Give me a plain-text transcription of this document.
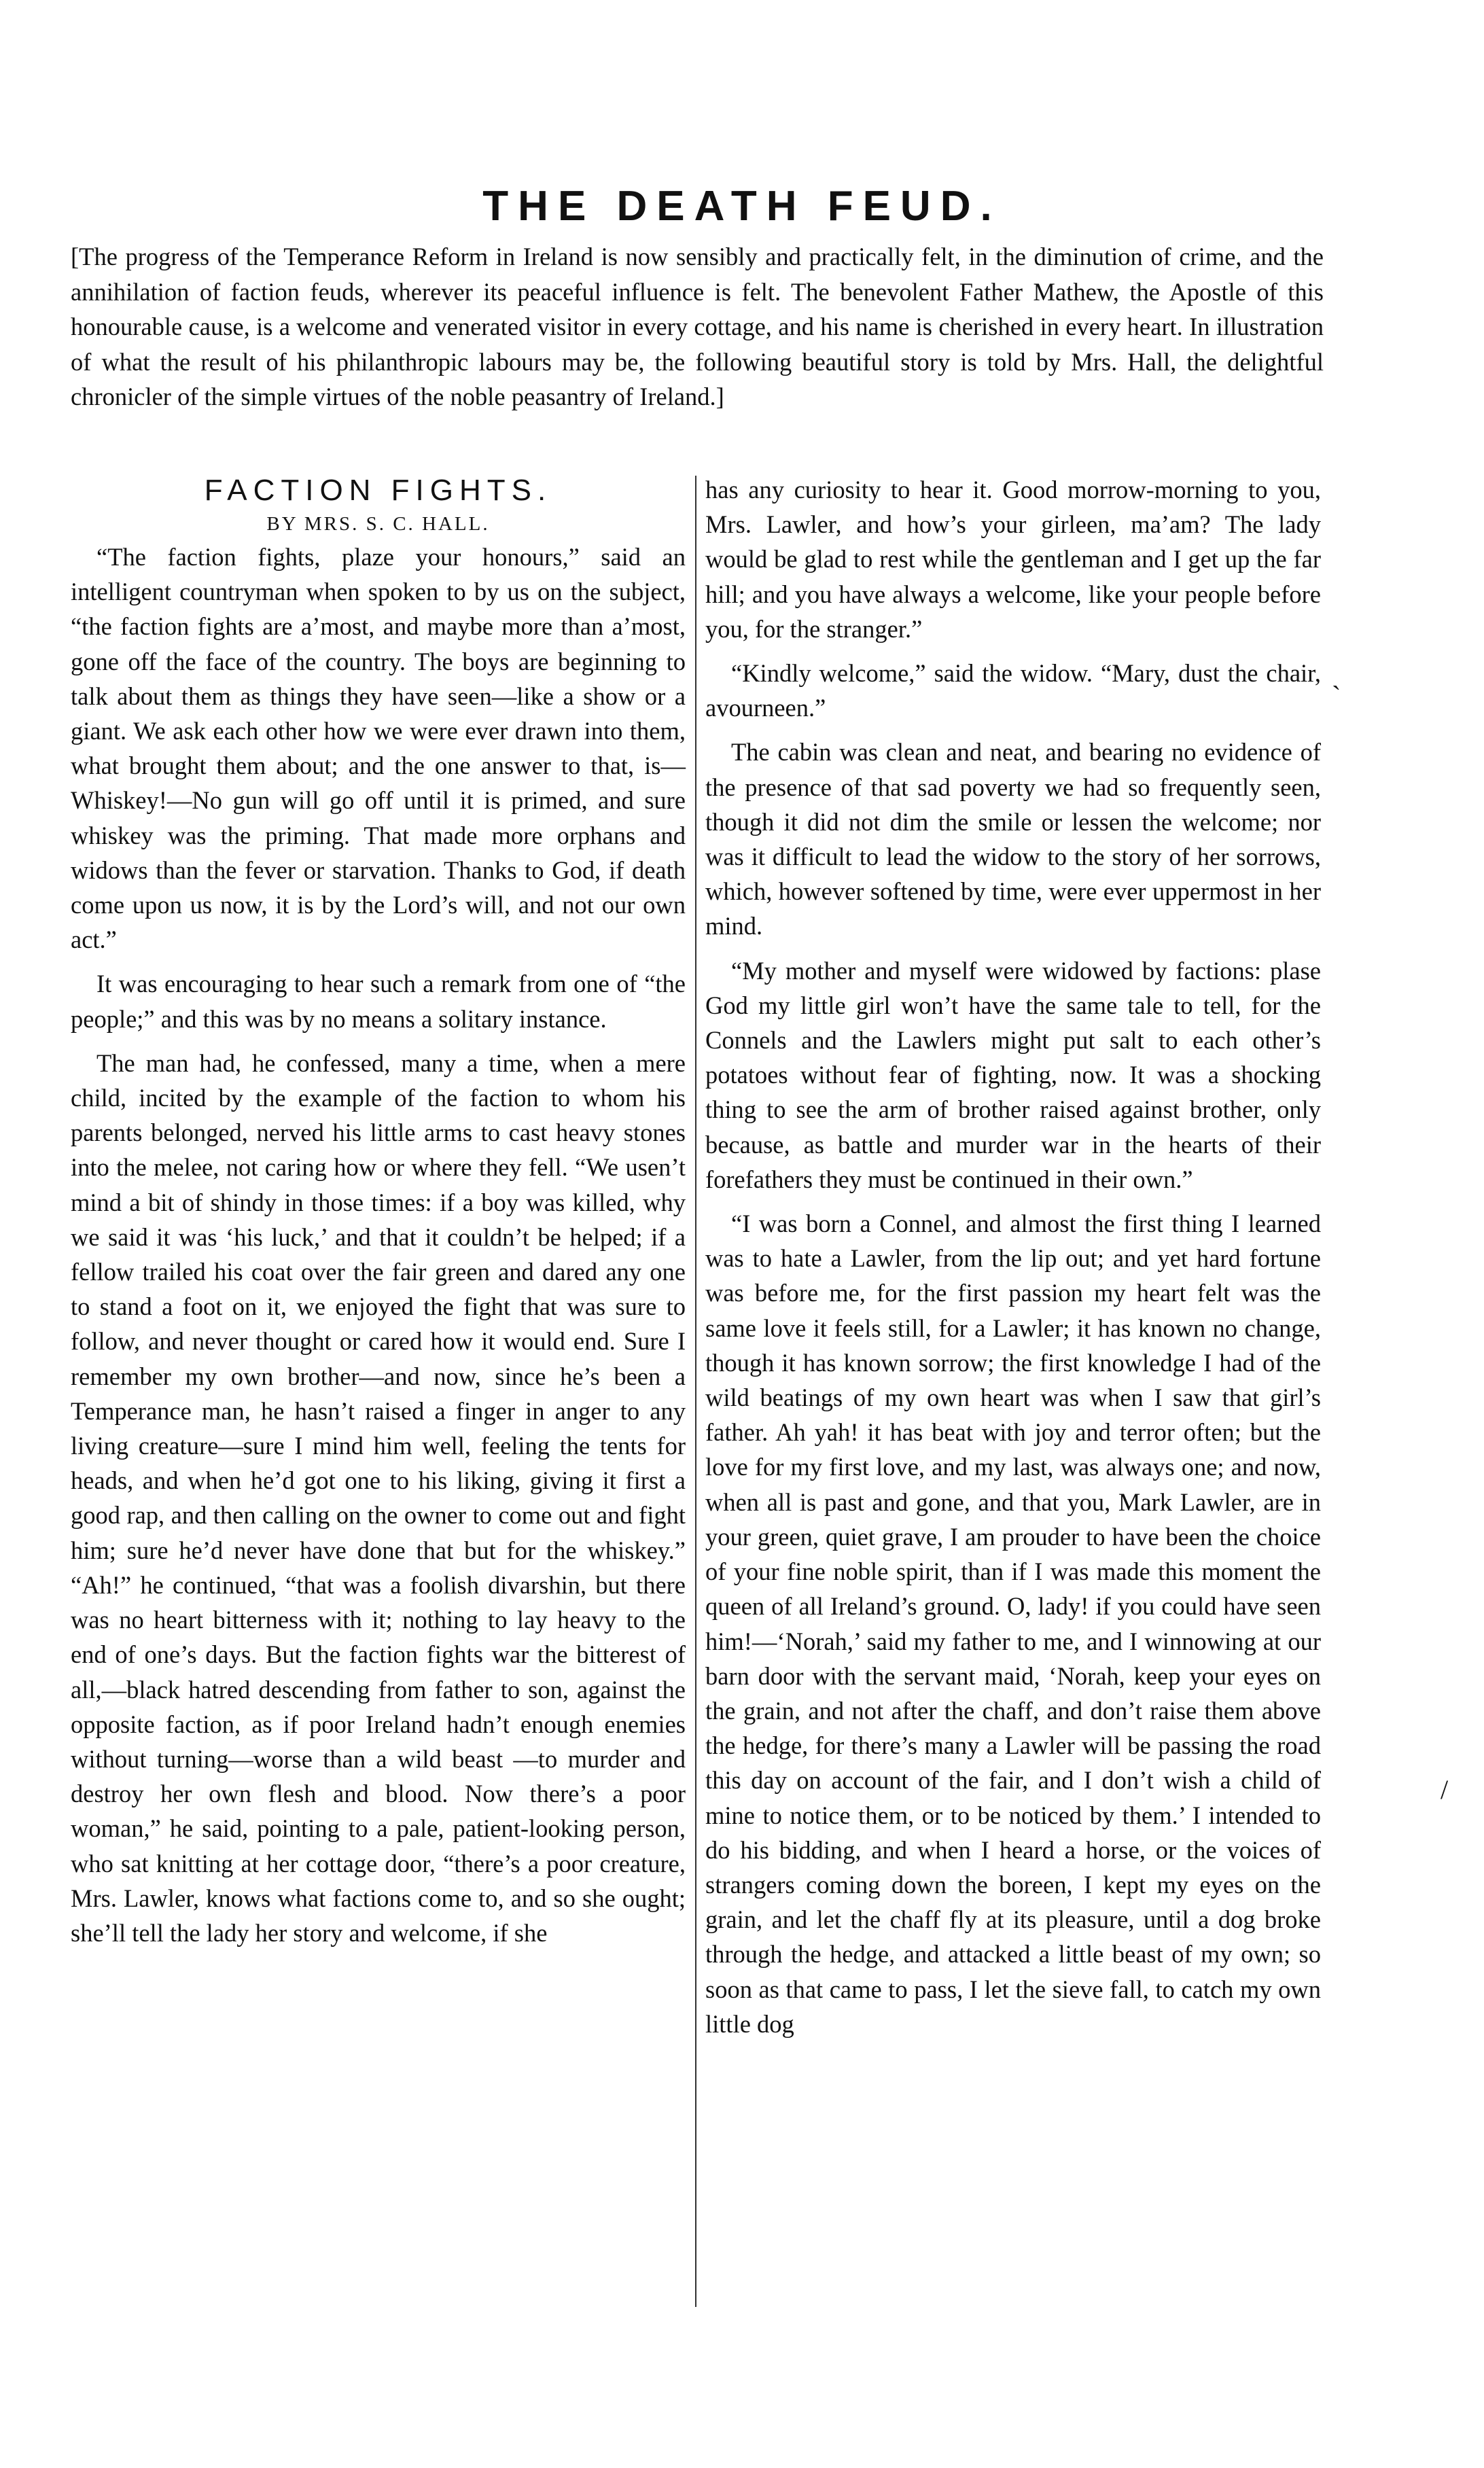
THE DEATH FEUD.

[The progress of the Temperance Reform in Ireland is now sensibly and practically felt, in the diminution of crime, and the annihilation of faction feuds, wherever its peaceful influence is felt. The benevolent Father Mathew, the Apostle of this honourable cause, is a welcome and venerated visitor in every cottage, and his name is cherished in every heart. In illustration of what the result of his philanthropic labours may be, the following beautiful story is told by Mrs. Hall, the delightful chronicler of the simple virtues of the noble peasantry of Ireland.]

FACTION FIGHTS.
BY MRS. S. C. HALL.

“The faction fights, plaze your honours,” said an intelligent countryman when spoken to by us on the subject, “the faction fights are a’most, and maybe more than a’most, gone off the face of the country. The boys are beginning to talk about them as things they have seen—like a show or a giant. We ask each other how we were ever drawn into them, what brought them about; and the one answer to that, is—Whiskey!—No gun will go off until it is primed, and sure whiskey was the priming. That made more orphans and widows than the fever or starvation. Thanks to God, if death come upon us now, it is by the Lord’s will, and not our own act.”

It was encouraging to hear such a remark from one of “the people;” and this was by no means a solitary instance.

The man had, he confessed, many a time, when a mere child, incited by the example of the faction to whom his parents belonged, nerved his little arms to cast heavy stones into the melee, not caring how or where they fell. “We usen’t mind a bit of shindy in those times: if a boy was killed, why we said it was ‘his luck,’ and that it couldn’t be helped; if a fellow trailed his coat over the fair green and dared any one to stand a foot on it, we enjoyed the fight that was sure to follow, and never thought or cared how it would end. Sure I remember my own brother—and now, since he’s been a Temperance man, he hasn’t raised a finger in anger to any living creature—sure I mind him well, feeling the tents for heads, and when he’d got one to his liking, giving it first a good rap, and then calling on the owner to come out and fight him; sure he’d never have done that but for the whiskey.” “Ah!” he continued, “that was a foolish divarshin, but there was no heart bitterness with it; nothing to lay heavy to the end of one’s days. But the faction fights war the bitterest of all,—black hatred descending from father to son, against the opposite faction, as if poor Ireland hadn’t enough enemies without turning—worse than a wild beast —to murder and destroy her own flesh and blood. Now there’s a poor woman,” he said, pointing to a pale, patient-looking person, who sat knitting at her cottage door, “there’s a poor creature, Mrs. Lawler, knows what factions come to, and so she ought; she’ll tell the lady her story and welcome, if she

has any curiosity to hear it. Good morrow-morning to you, Mrs. Lawler, and how’s your girleen, ma’am? The lady would be glad to rest while the gentleman and I get up the far hill; and you have always a welcome, like your people before you, for the stranger.”

“Kindly welcome,” said the widow. “Mary, dust the chair, avourneen.”

The cabin was clean and neat, and bearing no evidence of the presence of that sad poverty we had so frequently seen, though it did not dim the smile or lessen the welcome; nor was it difficult to lead the widow to the story of her sorrows, which, however softened by time, were ever uppermost in her mind.

“My mother and myself were widowed by factions: plase God my little girl won’t have the same tale to tell, for the Connels and the Lawlers might put salt to each other’s potatoes without fear of fighting, now. It was a shocking thing to see the arm of brother raised against brother, only because, as battle and murder war in the hearts of their forefathers they must be continued in their own.”

“I was born a Connel, and almost the first thing I learned was to hate a Lawler, from the lip out; and yet hard fortune was before me, for the first passion my heart felt was the same love it feels still, for a Lawler; it has known no change, though it has known sorrow; the first knowledge I had of the wild beatings of my own heart was when I saw that girl’s father. Ah yah! it has beat with joy and terror often; but the love for my first love, and my last, was always one; and now, when all is past and gone, and that you, Mark Lawler, are in your green, quiet grave, I am prouder to have been the choice of your fine noble spirit, than if I was made this moment the queen of all Ireland’s ground. O, lady! if you could have seen him!—‘Norah,’ said my father to me, and I winnowing at our barn door with the servant maid, ‘Norah, keep your eyes on the grain, and not after the chaff, and don’t raise them above the hedge, for there’s many a Lawler will be passing the road this day on account of the fair, and I don’t wish a child of mine to notice them, or to be noticed by them.’ I intended to do his bidding, and when I heard a horse, or the voices of strangers coming down the boreen, I kept my eyes on the grain, and let the chaff fly at its pleasure, until a dog broke through the hedge, and attacked a little beast of my own; so soon as that came to pass, I let the sieve fall, to catch my own little dog

`
/
